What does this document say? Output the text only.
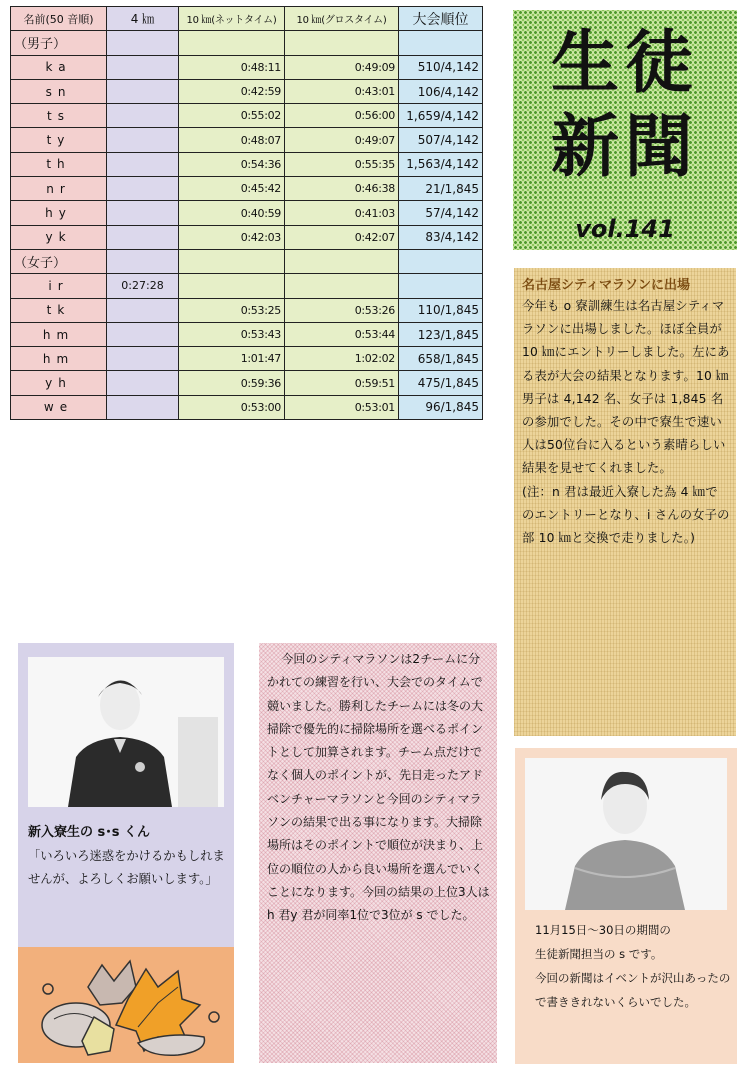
名前(50 音順)	4 ㎞	10 ㎞(ネットタイム)	10 ㎞(グロスタイム)	大会順位
（男子）				
ka		0:48:11	0:49:09	510/4,142
sn		0:42:59	0:43:01	106/4,142
ts		0:55:02	0:56:00	1,659/4,142
ty		0:48:07	0:49:07	507/4,142
th		0:54:36	0:55:35	1,563/4,142
nr		0:45:42	0:46:38	21/1,845
hy		0:40:59	0:41:03	57/4,142
yk		0:42:03	0:42:07	83/4,142
（女子）				
ir	0:27:28			
tk		0:53:25	0:53:26	110/1,845
hm		0:53:43	0:53:44	123/1,845
hm		1:01:47	1:02:02	658/1,845
yh		0:59:36	0:59:51	475/1,845
we		0:53:00	0:53:01	96/1,845
生徒
新聞
vol.141
名古屋シティマラソンに出場

今年も o 寮訓練生は名古屋シティマラソンに出場しました。ほぼ全員が 10 ㎞にエントリーしました。左にある表が大会の結果となります。10 ㎞男子は 4,142 名、女子は 1,845 名の参加でした。その中で寮生で速い人は50位台に入るという素晴らしい結果を見せてくれました。

(注：n 君は最近入寮した為 4 ㎞でのエントリーとなり、i さんの女子の部 10 ㎞と交換で走りました。)

新入寮生の s･s くん
「いろいろ迷惑をかけるかもしれませんが、よろしくお願いします。」

今回のシティマラソンは2チームに分かれての練習を行い、大会でのタイムで競いました。勝利したチームには冬の大掃除で優先的に掃除場所を選べるポイントとして加算されます。チーム点だけでなく個人のポイントが、先日走ったアドベンチャーマラソンと今回のシティマラソンの結果で出る事になります。大掃除場所はそのポイントで順位が決まり、上位の順位の人から良い場所を選んでいくことになります。今回の結果の上位3人は h 君y 君が同率1位で3位が s でした。

11月15日～30日の期間の
生徒新聞担当の s です。
今回の新聞はイベントが沢山あったの
で書ききれないくらいでした。
